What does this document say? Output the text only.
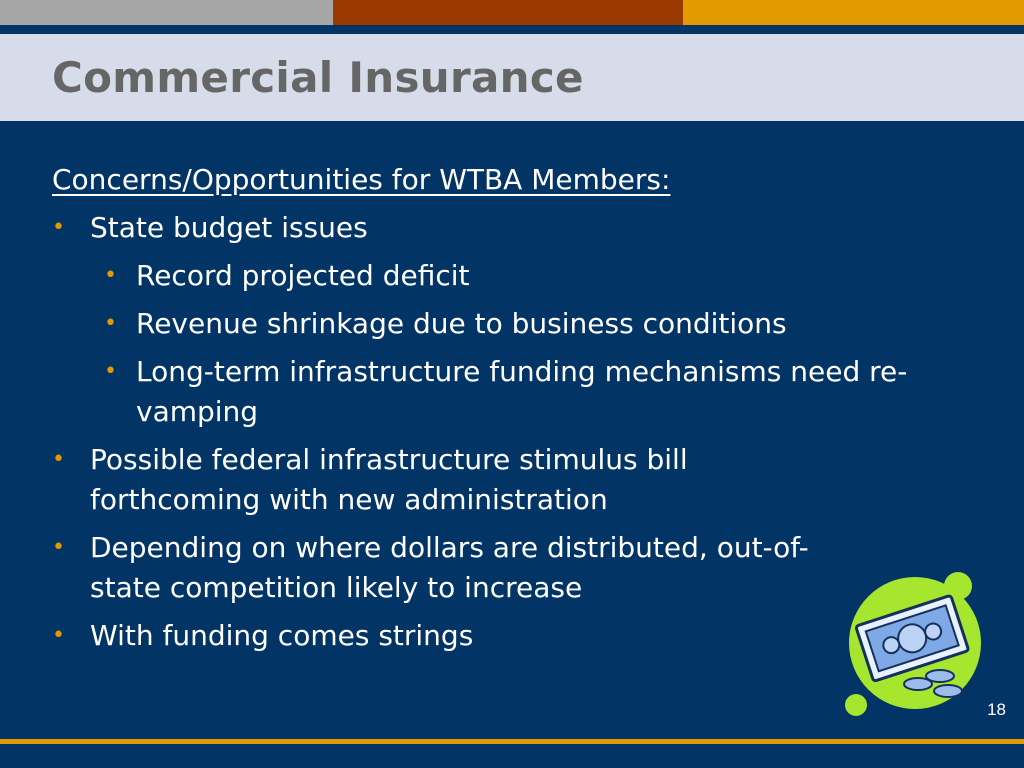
Commercial Insurance

Concerns/Opportunities for WTBA Members:

• State budget issues
• Record projected deficit
• Revenue shrinkage due to business conditions
• Long-term infrastructure funding mechanisms need re-vamping
• Possible federal infrastructure stimulus bill forthcoming with new administration
• Depending on where dollars are distributed, out-of-state competition likely to increase
• With funding comes strings
18
